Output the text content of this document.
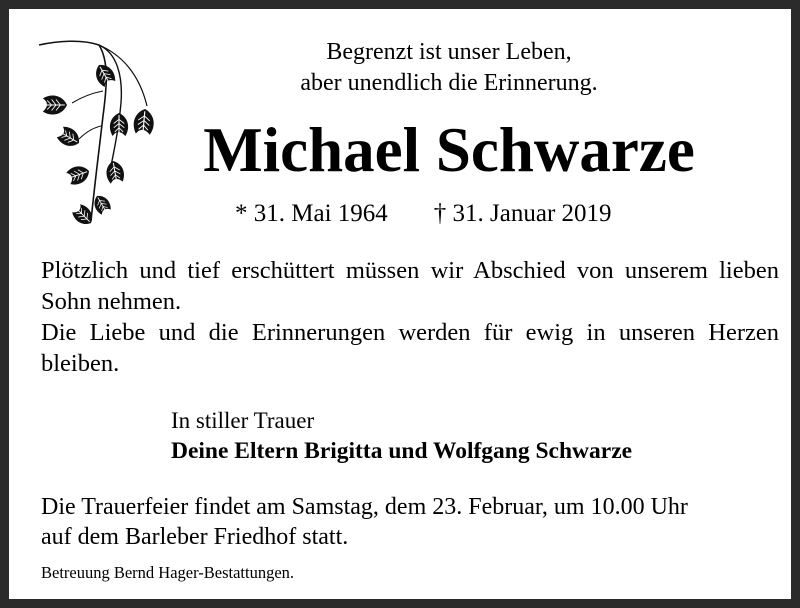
Begrenzt ist unser Leben,
aber unendlich die Erinnerung.
Michael Schwarze
* 31. Mai 1964 † 31. Januar 2019

Plötzlich und tief erschüttert müssen wir Abschied von unserem lieben Sohn nehmen.

Die Liebe und die Erinnerungen werden für ewig in unseren Herzen bleiben.

In stiller Trauer
Deine Eltern Brigitta und Wolfgang Schwarze
Die Trauerfeier findet am Samstag, dem 23. Februar, um 10.00 Uhr
auf dem Barleber Friedhof statt.
Betreuung Bernd Hager-Bestattungen.
